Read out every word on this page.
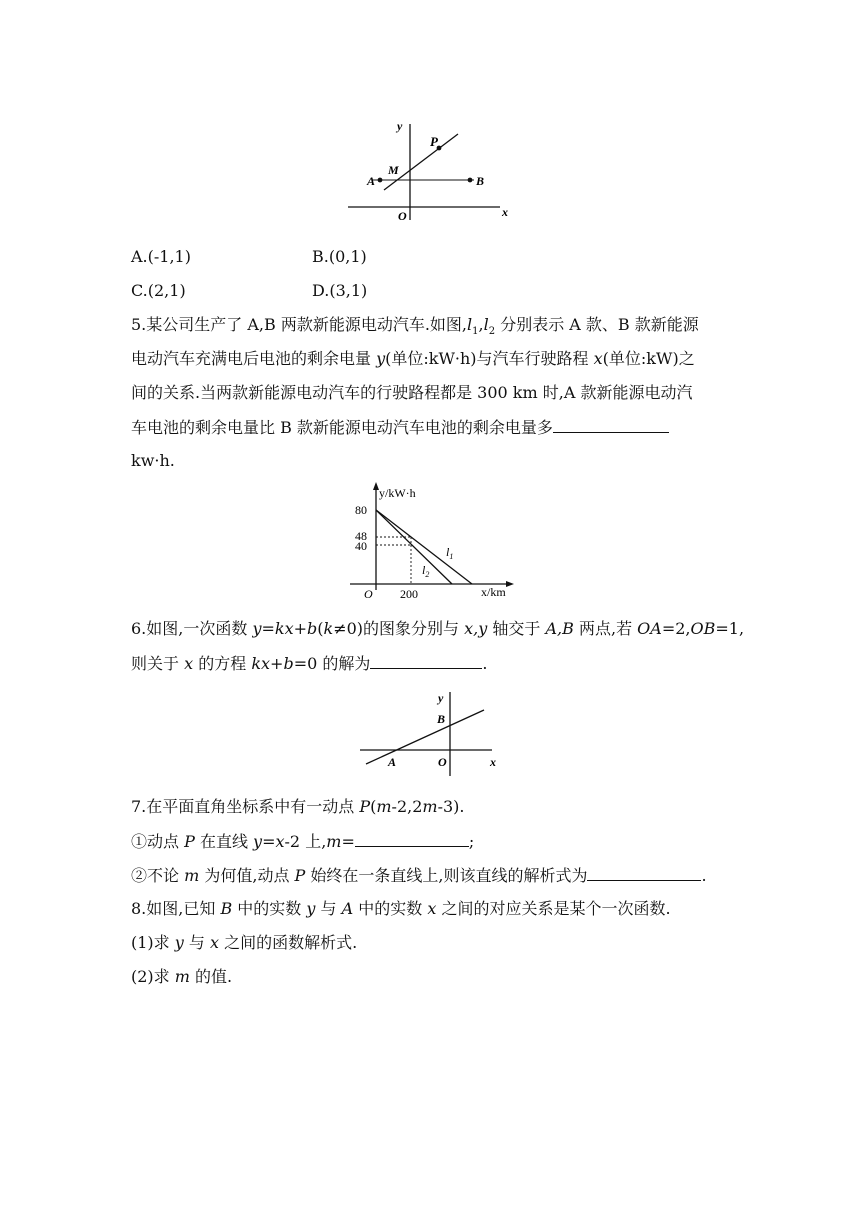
y
P
M
A	B
O	x
A.(-1,1)	B.(0,1)
C.(2,1)	D.(3,1)
5.某公司生产了 A,B 两款新能源电动汽车.如图$,l_1,l_2$ 分别表示 A 款、B 款新能源
电动汽车充满电后电池的剩余电量 y(单位:kW·h)与汽车行驶路程 x(单位:kW)之
间的关系.当两款新能源电动汽车的行驶路程都是 300 km 时,A 款新能源电动汽
车电池的剩余电量比 B 款新能源电动汽车电池的剩余电量多
kw·h.
y/kW·h
80
48
40
O 200	x/km
$l_1$
$l_2$
6.如图,一次函数 y=kx+b(k≠0)的图象分别与 x,y 轴交于 A,B 两点,若 OA=2,OB=1,
则关于 x 的方程 kx+b=0 的解为	.
y
B
A	O	x
7.在平面直角坐标系中有一动点 P(m-2,2m-3).
①动点 P 在直线 y=x-2 上,m=	;
②不论 m 为何值,动点 P 始终在一条直线上,则该直线的解析式为	.
8.如图,已知 B 中的实数 y 与 A 中的实数 x 之间的对应关系是某个一次函数.
(1)求 y 与 x 之间的函数解析式.
(2)求 m 的值.
